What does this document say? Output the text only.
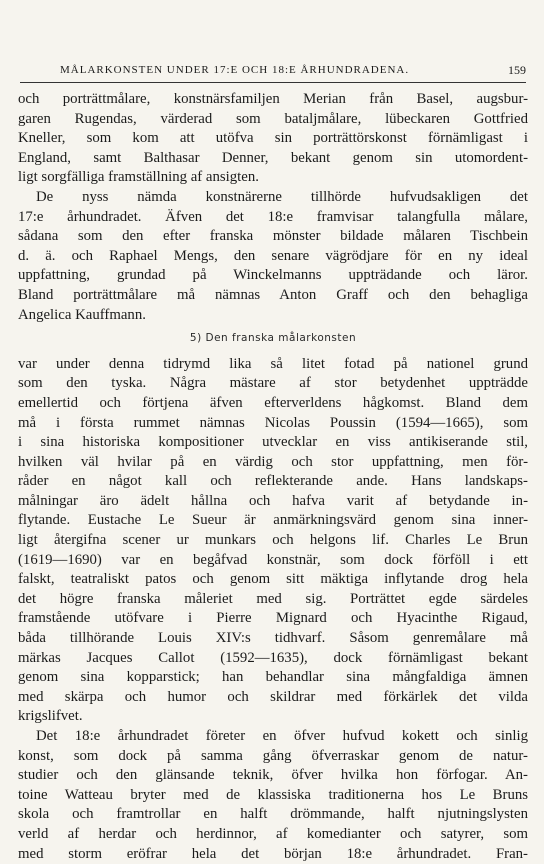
MÅLARKONSTEN UNDER 17:E OCH 18:E ÅRHUNDRADENA.	159
och porträttmålare, konstnärsfamiljen Merian från Basel, augsbur-
garen Rugendas, värderad som bataljmålare, lübeckaren Gottfried
Kneller, som kom att utöfva sin porträttörskonst förnämligast i
England, samt Balthasar Denner, bekant genom sin utomordent-
ligt sorgfälliga framställning af ansigten.
De nyss nämda konstnärerne tillhörde hufvudsakligen det
17:e århundradet. Äfven det 18:e framvisar talangfulla målare,
sådana som den efter franska mönster bildade målaren Tischbein
d. ä. och Raphael Mengs, den senare vägrödjare för en ny ideal
uppfattning, grundad på Winckelmanns uppträdande och läror.
Bland porträttmålare må nämnas Anton Graff och den behagliga
Angelica Kauffmann.
5) Den franska målarkonsten
var under denna tidrymd lika så litet fotad på nationel grund
som den tyska. Några mästare af stor betydenhet uppträdde
emellertid och förtjena äfven efterverldens hågkomst. Bland dem
må i första rummet nämnas Nicolas Poussin (1594—1665), som
i sina historiska kompositioner utvecklar en viss antikiserande stil,
hvilken väl hvilar på en värdig och stor uppfattning, men för-
råder en något kall och reflekterande ande. Hans landskaps-
målningar äro ädelt hållna och hafva varit af betydande in-
flytande. Eustache Le Sueur är anmärkningsvärd genom sina inner-
ligt återgifna scener ur munkars och helgons lif. Charles Le Brun
(1619—1690) var en begåfvad konstnär, som dock förföll i ett
falskt, teatraliskt patos och genom sitt mäktiga inflytande drog hela
det högre franska måleriet med sig. Porträttet egde särdeles
framstående utöfvare i Pierre Mignard och Hyacinthe Rigaud,
båda tillhörande Louis XIV:s tidhvarf. Såsom genremålare må
märkas Jacques Callot (1592—1635), dock förnämligast bekant
genom sina kopparstick; han behandlar sina mångfaldiga ämnen
med skärpa och humor och skildrar med förkärlek det vilda
krigslifvet.
Det 18:e århundradet företer en öfver hufvud kokett och sinlig
konst, som dock på samma gång öfverraskar genom de natur-
studier och den glänsande teknik, öfver hvilka hon förfogar. An-
toine Watteau bryter med de klassiska traditionerna hos Le Bruns
skola och framtrollar en halft drömmande, halft njutningslysten
verld af herdar och herdinnor, af komedianter och satyrer, som
med storm eröfrar hela det början 18:e århundradet. Fran-
